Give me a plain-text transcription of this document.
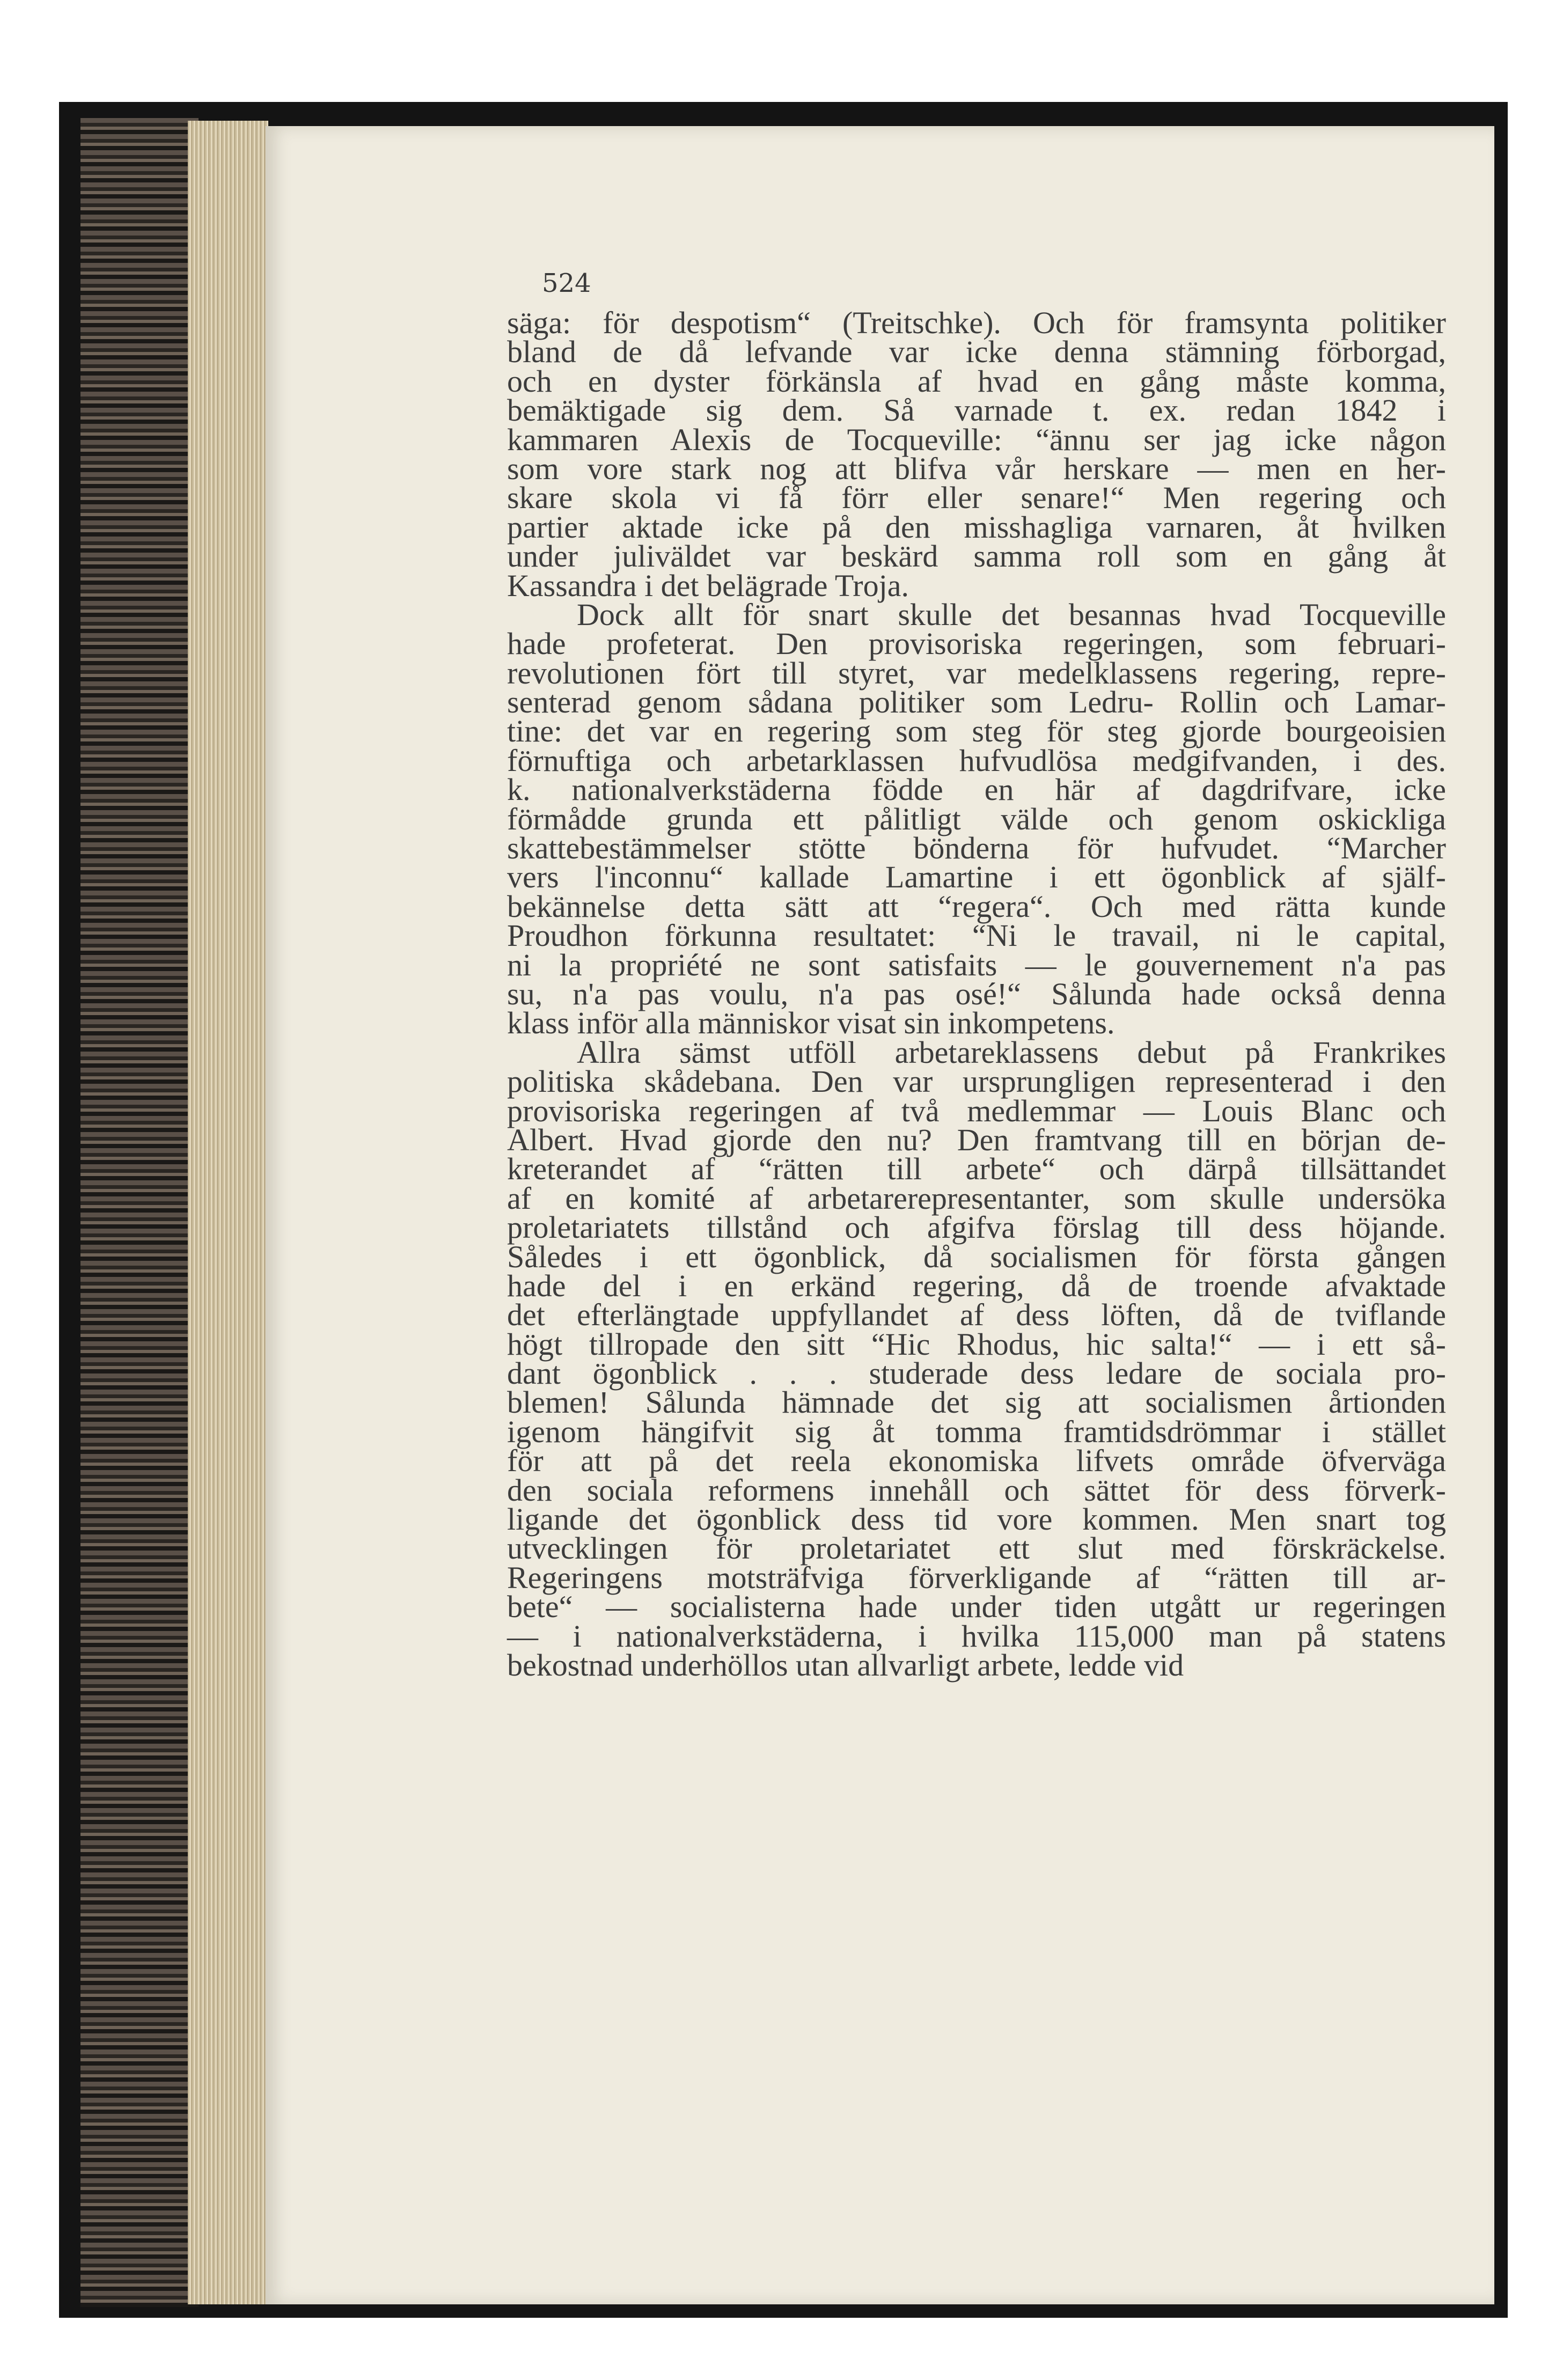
524

säga: för despotism“ (Treitschke). Och för framsynta politiker
bland de då lefvande var icke denna stämning förborgad,
och en dyster förkänsla af hvad en gång måste komma,
bemäktigade sig dem. Så varnade t. ex. redan 1842 i
kammaren Alexis de Tocqueville: “ännu ser jag icke någon
som vore stark nog att blifva vår herskare — men en her-
skare skola vi få förr eller senare!“ Men regering och
partier aktade icke på den misshagliga varnaren, åt hvilken
under juliväldet var beskärd samma roll som en gång åt
Kassandra i det belägrade Troja.
Dock allt för snart skulle det besannas hvad Tocqueville
hade profeterat. Den provisoriska regeringen, som februari-
revolutionen fört till styret, var medelklassens regering, repre-
senterad genom sådana politiker som Ledru- Rollin och Lamar-
tine: det var en regering som steg för steg gjorde bourgeoisien
förnuftiga och arbetarklassen hufvudlösa medgifvanden, i des.
k. nationalverkstäderna födde en här af dagdrifvare, icke
förmådde grunda ett pålitligt välde och genom oskickliga
skattebestämmelser stötte bönderna för hufvudet. “Marcher
vers l'inconnu“ kallade Lamartine i ett ögonblick af själf-
bekännelse detta sätt att “regera“. Och med rätta kunde
Proudhon förkunna resultatet: “Ni le travail, ni le capital,
ni la propriété ne sont satisfaits — le gouvernement n'a pas
su, n'a pas voulu, n'a pas osé!“ Sålunda hade också denna
klass inför alla människor visat sin inkompetens.
Allra sämst utföll arbetareklassens debut på Frankrikes
politiska skådebana. Den var ursprungligen representerad i den
provisoriska regeringen af två medlemmar — Louis Blanc och
Albert. Hvad gjorde den nu? Den framtvang till en början de-
kreterandet af “rätten till arbete“ och därpå tillsättandet
af en komité af arbetarerepresentanter, som skulle undersöka
proletariatets tillstånd och afgifva förslag till dess höjande.
Således i ett ögonblick, då socialismen för första gången
hade del i en erkänd regering, då de troende afvaktade
det efterlängtade uppfyllandet af dess löften, då de tviflande
högt tillropade den sitt “Hic Rhodus, hic salta!“ — i ett så-
dant ögonblick . . . studerade dess ledare de sociala pro-
blemen! Sålunda hämnade det sig att socialismen årtionden
igenom hängifvit sig åt tomma framtidsdrömmar i stället
för att på det reela ekonomiska lifvets område öfverväga
den sociala reformens innehåll och sättet för dess förverk-
ligande det ögonblick dess tid vore kommen. Men snart tog
utvecklingen för proletariatet ett slut med förskräckelse.
Regeringens motsträfviga förverkligande af “rätten till ar-
bete“ — socialisterna hade under tiden utgått ur regeringen
— i nationalverkstäderna, i hvilka 115,000 man på statens
bekostnad underhöllos utan allvarligt arbete, ledde vid
